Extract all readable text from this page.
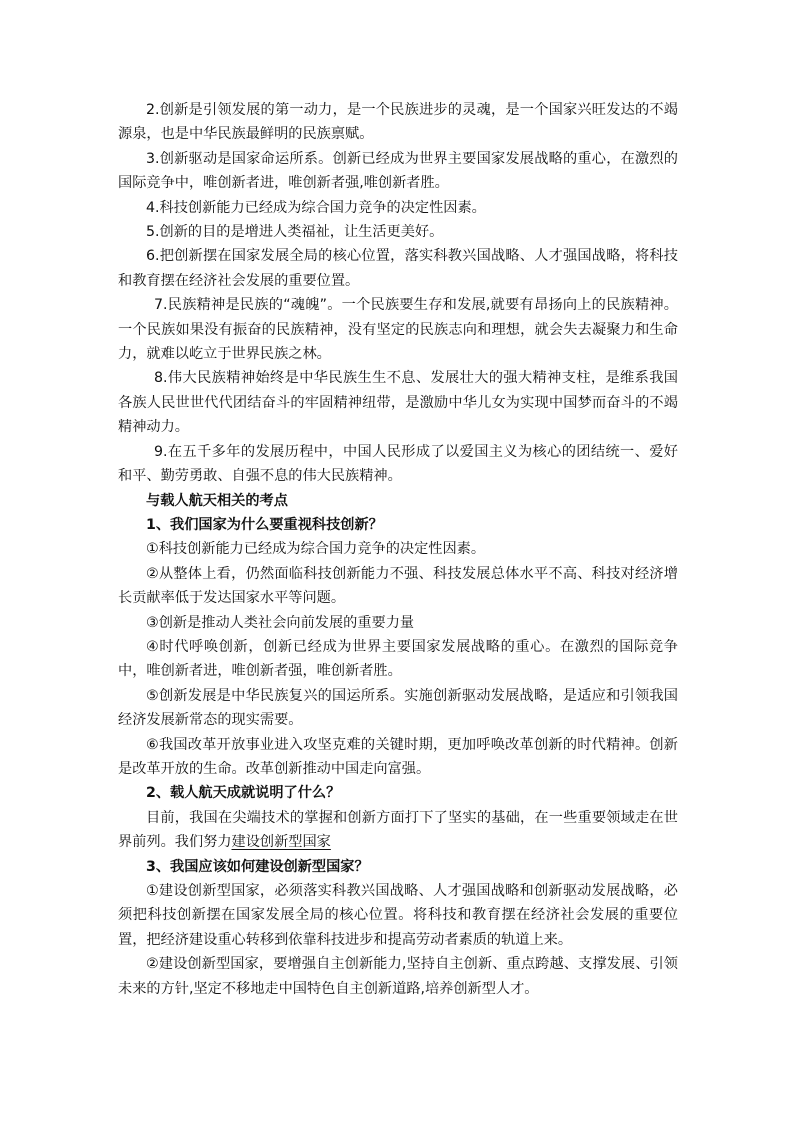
2.创新是引领发展的第一动力，是一个民族进步的灵魂，是一个国家兴旺发达的不竭源泉，也是中华民族最鲜明的民族禀赋。

3.创新驱动是国家命运所系。创新已经成为世界主要国家发展战略的重心，在激烈的国际竞争中，唯创新者进，唯创新者强,唯创新者胜。

4.科技创新能力已经成为综合国力竞争的决定性因素。

5.创新的目的是增进人类福祉，让生活更美好。

6.把创新摆在国家发展全局的核心位置，落实科教兴国战略、人才强国战略，将科技和教育摆在经济社会发展的重要位置。

7.民族精神是民族的“魂魄”。一个民族要生存和发展,就要有昂扬向上的民族精神。一个民族如果没有振奋的民族精神，没有坚定的民族志向和理想，就会失去凝聚力和生命力，就难以屹立于世界民族之林。

8.伟大民族精神始终是中华民族生生不息、发展壮大的强大精神支柱，是维系我国各族人民世世代代团结奋斗的牢固精神纽带，是激励中华儿女为实现中国梦而奋斗的不竭精神动力。

9.在五千多年的发展历程中，中国人民形成了以爱国主义为核心的团结统一、爱好和平、勤劳勇敢、自强不息的伟大民族精神。

与载人航天相关的考点

1、我们国家为什么要重视科技创新？

①科技创新能力已经成为综合国力竞争的决定性因素。

②从整体上看，仍然面临科技创新能力不强、科技发展总体水平不高、科技对经济增长贡献率低于发达国家水平等问题。

③创新是推动人类社会向前发展的重要力量

④时代呼唤创新，创新已经成为世界主要国家发展战略的重心。在激烈的国际竞争中，唯创新者进，唯创新者强，唯创新者胜。

⑤创新发展是中华民族复兴的国运所系。实施创新驱动发展战略，是适应和引领我国经济发展新常态的现实需要。

⑥我国改革开放事业进入攻坚克难的关键时期，更加呼唤改革创新的时代精神。创新是改革开放的生命。改革创新推动中国走向富强。

2、载人航天成就说明了什么？

目前，我国在尖端技术的掌握和创新方面打下了坚实的基础，在一些重要领域走在世界前列。我们努力建设创新型国家

3、我国应该如何建设创新型国家？

①建设创新型国家，必须落实科教兴国战略、人才强国战略和创新驱动发展战略，必须把科技创新摆在国家发展全局的核心位置。将科技和教育摆在经济社会发展的重要位置，把经济建设重心转移到依靠科技进步和提高劳动者素质的轨道上来。

②建设创新型国家，要增强自主创新能力,坚持自主创新、重点跨越、支撑发展、引领未来的方针,坚定不移地走中国特色自主创新道路,培养创新型人才。
